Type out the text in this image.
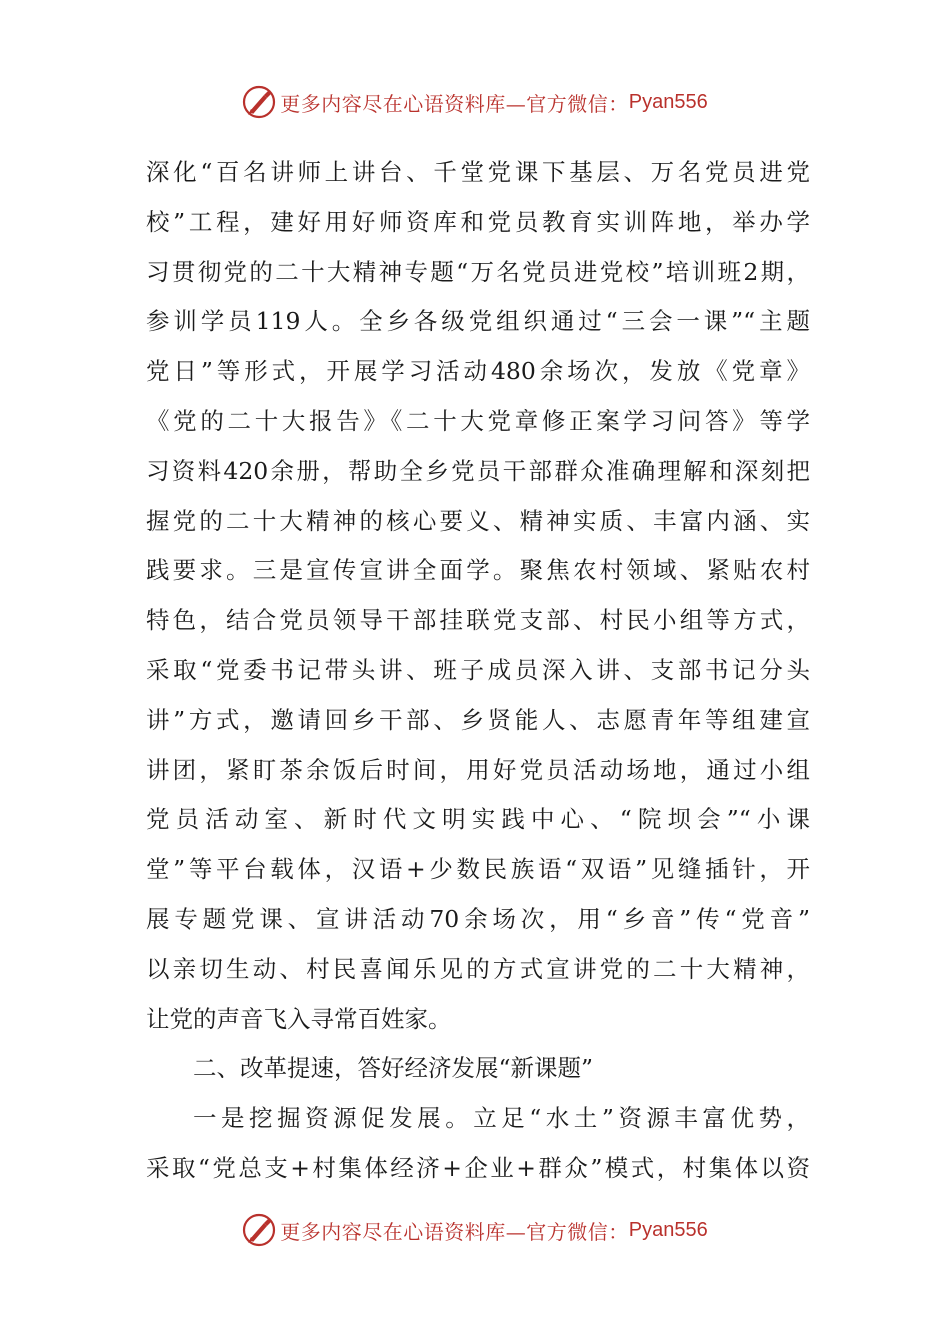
更多内容尽在心语资料库—官方微信： Pyan556
深化“百名讲师上讲台、千堂党课下基层、万名党员进党
校”工程，建好用好师资库和党员教育实训阵地，举办学
习贯彻党的二十大精神专题“万名党员进党校”培训班2期，
参训学员119人。全乡各级党组织通过“三会一课”“主题
党日”等形式，开展学习活动480余场次，发放《党章》
《党的二十大报告》《二十大党章修正案学习问答》等学
习资料420余册，帮助全乡党员干部群众准确理解和深刻把
握党的二十大精神的核心要义、精神实质、丰富内涵、实
践要求。三是宣传宣讲全面学。聚焦农村领域、紧贴农村
特色，结合党员领导干部挂联党支部、村民小组等方式，
采取“党委书记带头讲、班子成员深入讲、支部书记分头
讲”方式，邀请回乡干部、乡贤能人、志愿青年等组建宣
讲团，紧盯茶余饭后时间，用好党员活动场地，通过小组
党员活动室、新时代文明实践中心、“院坝会”“小课
堂”等平台载体，汉语+少数民族语“双语”见缝插针，开
展专题党课、宣讲活动70余场次，用“乡音”传“党音”
以亲切生动、村民喜闻乐见的方式宣讲党的二十大精神，
让党的声音飞入寻常百姓家。
二、改革提速，答好经济发展“新课题”
一是挖掘资源促发展。立足“水土”资源丰富优势，
采取“党总支+村集体经济+企业+群众”模式，村集体以资
更多内容尽在心语资料库—官方微信： Pyan556
